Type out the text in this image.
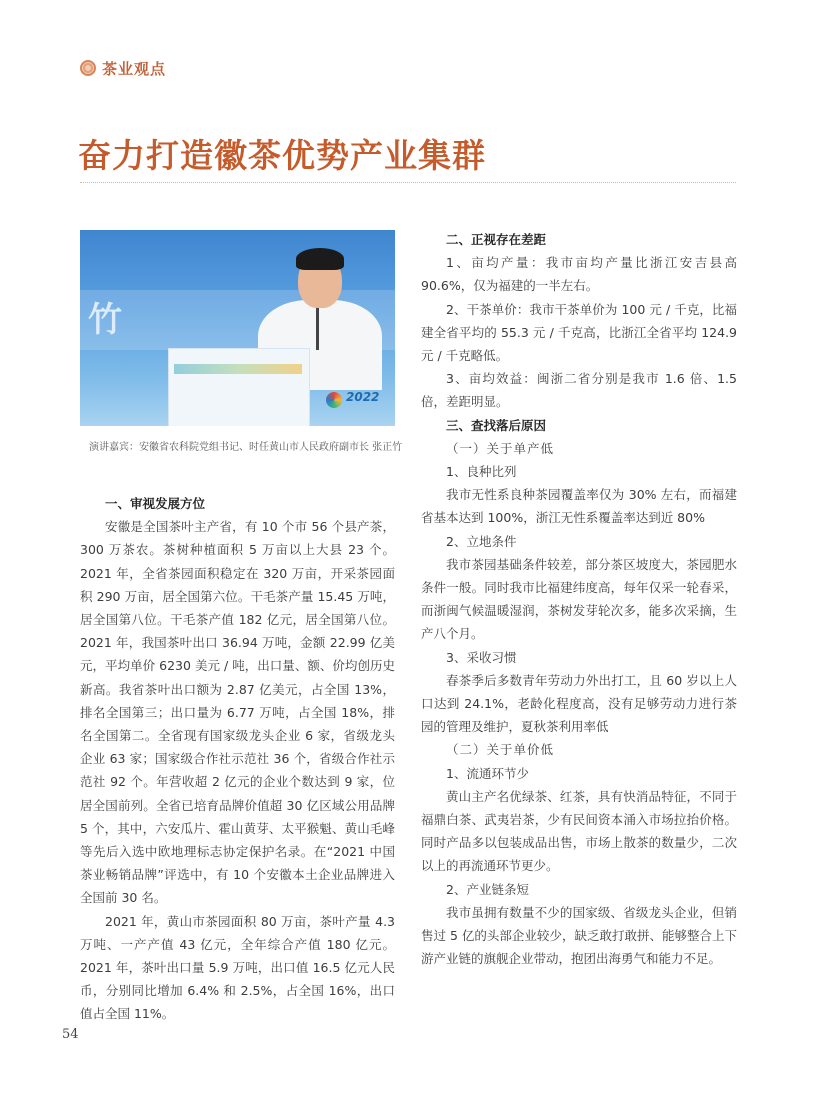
茶业观点
奋力打造徽茶优势产业集群
竹
2022
演讲嘉宾：安徽省农科院党组书记、时任黄山市人民政府副市长 张正竹

一、审视发展方位

安徽是全国茶叶主产省，有 10 个市 56 个县产茶，300 万茶农。茶树种植面积 5 万亩以上大县 23 个。2021 年，全省茶园面积稳定在 320 万亩，开采茶园面积 290 万亩，居全国第六位。干毛茶产量 15.45 万吨，居全国第八位。干毛茶产值 182 亿元，居全国第八位。2021 年，我国茶叶出口 36.94 万吨，金额 22.99 亿美元，平均单价 6230 美元 / 吨，出口量、额、价均创历史新高。我省茶叶出口额为 2.87 亿美元，占全国 13%，排名全国第三；出口量为 6.77 万吨，占全国 18%，排名全国第二。全省现有国家级龙头企业 6 家，省级龙头企业 63 家；国家级合作社示范社 36 个，省级合作社示范社 92 个。年营收超 2 亿元的企业个数达到 9 家，位居全国前列。全省已培育品牌价值超 30 亿区域公用品牌 5 个，其中，六安瓜片、霍山黄芽、太平猴魁、黄山毛峰等先后入选中欧地理标志协定保护名录。在“2021 中国茶业畅销品牌”评选中，有 10 个安徽本土企业品牌进入全国前 30 名。

2021 年，黄山市茶园面积 80 万亩，茶叶产量 4.3 万吨、一产产值 43 亿元，全年综合产值 180 亿元。2021 年，茶叶出口量 5.9 万吨，出口值 16.5 亿元人民币，分别同比增加 6.4% 和 2.5%，占全国 16%，出口值占全国 11%。

二、正视存在差距

1、亩均产量：我市亩均产量比浙江安吉县高 90.6%，仅为福建的一半左右。

2、干茶单价：我市干茶单价为 100 元 / 千克，比福建全省平均的 55.3 元 / 千克高，比浙江全省平均 124.9 元 / 千克略低。

3、亩均效益：闽浙二省分别是我市 1.6 倍、1.5 倍，差距明显。

三、查找落后原因

（一）关于单产低

1、良种比列

我市无性系良种茶园覆盖率仅为 30% 左右，而福建省基本达到 100%，浙江无性系覆盖率达到近 80%

2、立地条件

我市茶园基础条件较差，部分茶区坡度大，茶园肥水条件一般。同时我市比福建纬度高，每年仅采一轮春采，而浙闽气候温暖湿润，茶树发芽轮次多，能多次采摘，生产八个月。

3、采收习惯

春茶季后多数青年劳动力外出打工，且 60 岁以上人口达到 24.1%，老龄化程度高，没有足够劳动力进行茶园的管理及维护，夏秋茶利用率低

（二）关于单价低

1、流通环节少

黄山主产名优绿茶、红茶，具有快消品特征，不同于福鼎白茶、武夷岩茶，少有民间资本涌入市场拉抬价格。同时产品多以包装成品出售，市场上散茶的数量少，二次以上的再流通环节更少。

2、产业链条短

我市虽拥有数量不少的国家级、省级龙头企业，但销售过 5 亿的头部企业较少，缺乏敢打敢拼、能够整合上下游产业链的旗舰企业带动，抱团出海勇气和能力不足。

54
